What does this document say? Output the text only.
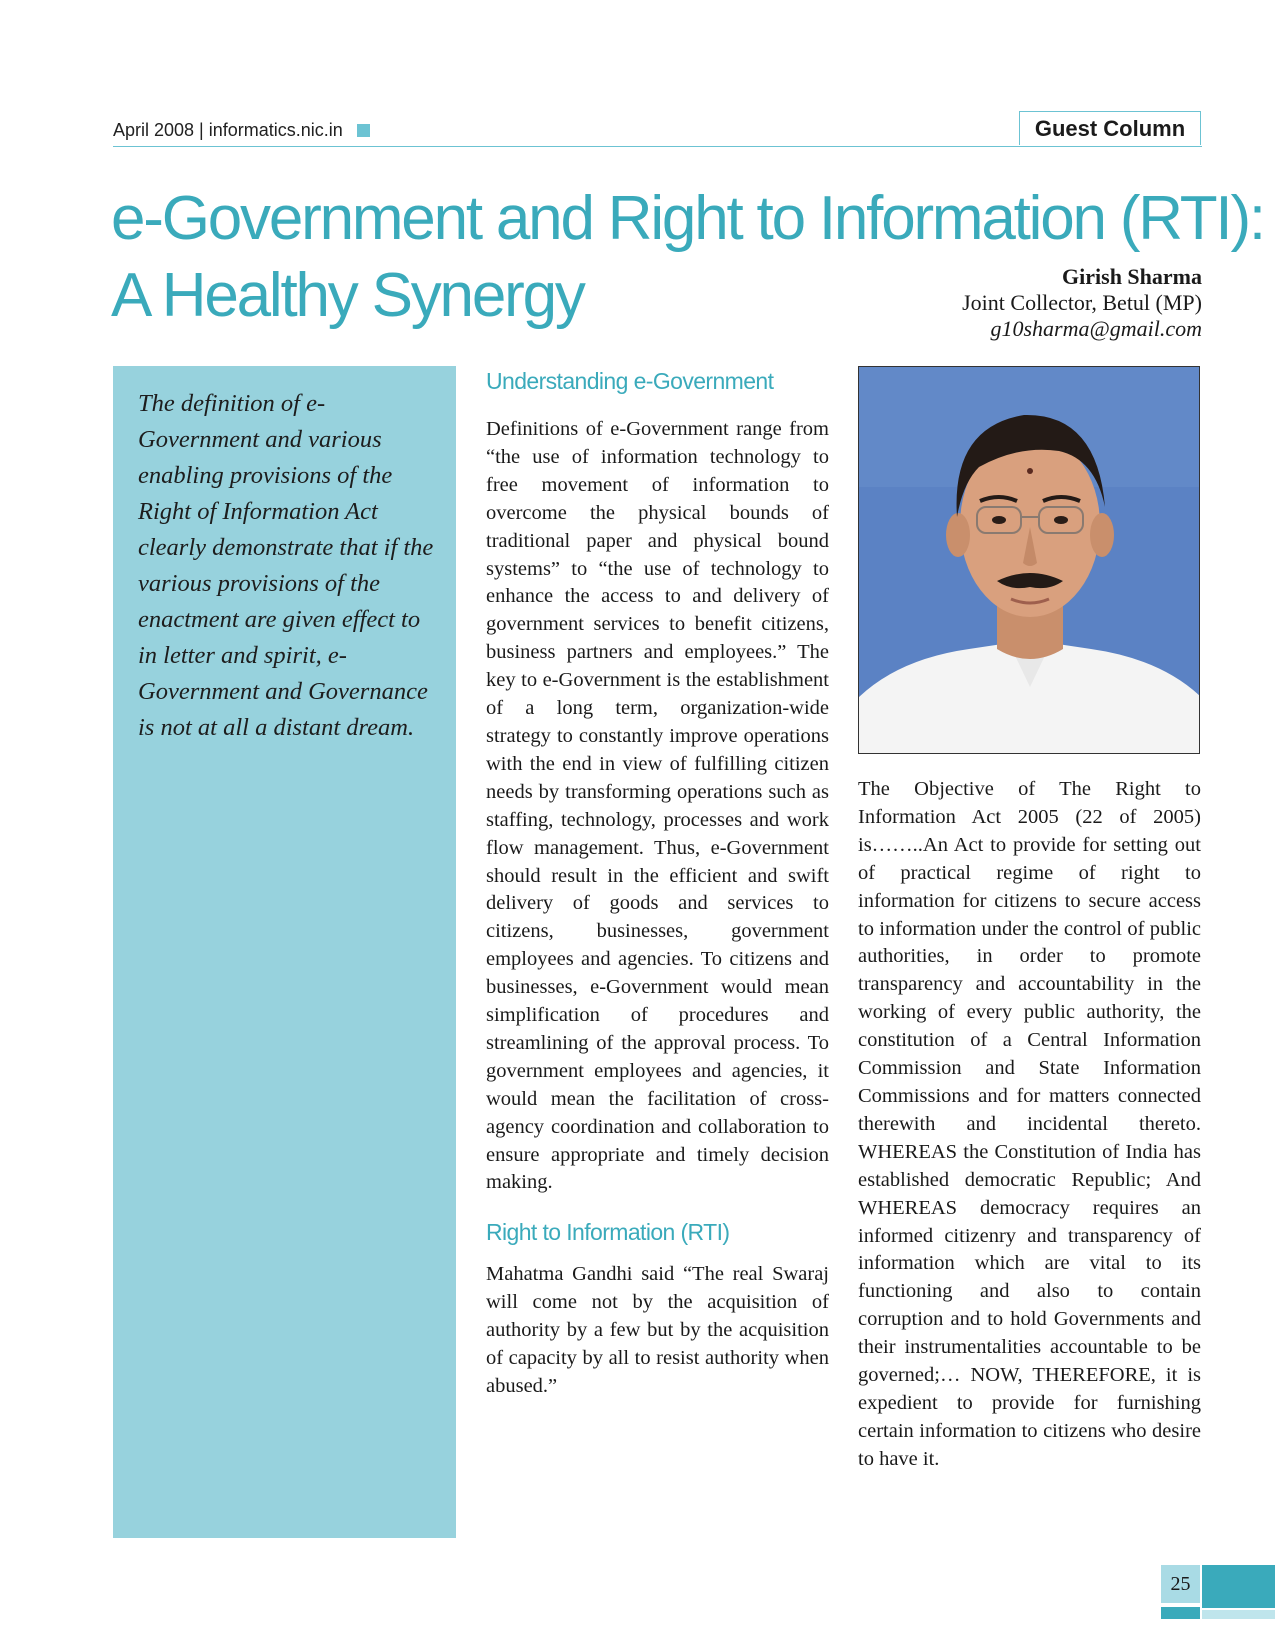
April 2008 | informatics.nic.in	Guest Column
e-Government and Right to Information (RTI):
A Healthy Synergy	Girish Sharma
Joint Collector, Betul (MP)
g10sharma@gmail.com

The definition of e-Government and various enabling provisions of the Right of Information Act clearly demonstrate that if the various provisions of the enactment are given effect to in letter and spirit, e-Government and Governance is not at all a distant dream.

Understanding e-Government

Definitions of e-Government range from “the use of information technology to free movement of information to overcome the physical bounds of traditional paper and physical bound systems” to “the use of technology to enhance the access to and delivery of government services to benefit citizens, business partners and employees.” The key to e-Government is the establishment of a long term, organization-wide strategy to constantly improve operations with the end in view of fulfilling citizen needs by transforming operations such as staffing, technology, processes and work flow management. Thus, e-Government should result in the efficient and swift delivery of goods and services to citizens, businesses, government employees and agencies. To citizens and businesses, e-Government would mean simplification of procedures and streamlining of the approval process. To government employees and agencies, it would mean the facilitation of cross-agency coordination and collaboration to ensure appropriate and timely decision making.

Right to Information (RTI)

Mahatma Gandhi said “The real Swaraj will come not by the acquisition of authority by a few but by the acquisition of capacity by all to resist authority when abused.”

The Objective of The Right to Information Act 2005 (22 of 2005) is……..An Act to provide for setting out of practical regime of right to information for citizens to secure access to information under the control of public authorities, in order to promote transparency and accountability in the working of every public authority, the constitution of a Central Information Commission and State Information Commissions and for matters connected therewith and incidental thereto. WHEREAS the Constitution of India has established democratic Republic; And WHEREAS democracy requires an informed citizenry and transparency of information which are vital to its functioning and also to contain corruption and to hold Governments and their instrumentalities accountable to be governed;… NOW, THEREFORE, it is expedient to provide for furnishing certain information to citizens who desire to have it.

25
